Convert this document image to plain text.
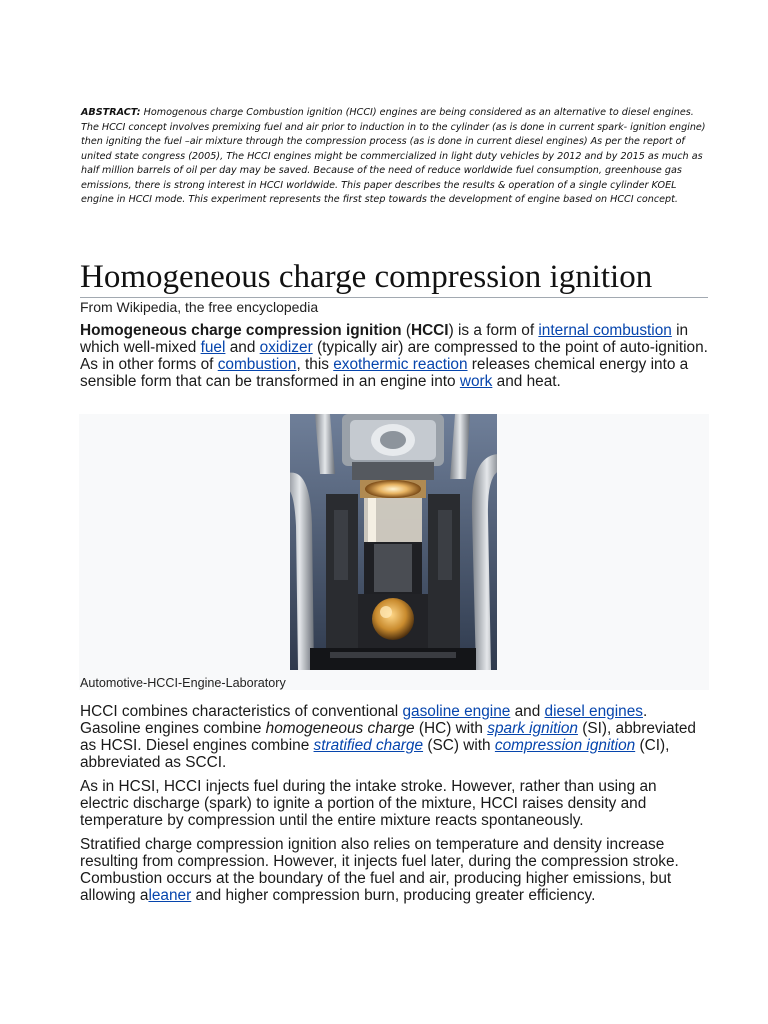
ABSTRACT: Homogenous charge Combustion ignition (HCCI) engines are being considered as an alternative to diesel engines. The HCCI concept involves premixing fuel and air prior to induction in to the cylinder (as is done in current spark- ignition engine) then igniting the fuel –air mixture through the compression process (as is done in current diesel engines) As per the report of united state congress (2005), The HCCI engines might be commercialized in light duty vehicles by 2012 and by 2015 as much as half million barrels of oil per day may be saved. Because of the need of reduce worldwide fuel consumption, greenhouse gas emissions, there is strong interest in HCCI worldwide. This paper describes the results & operation of a single cylinder KOEL engine in HCCI mode. This experiment represents the first step towards the development of engine based on HCCI concept.

Homogeneous charge compression ignition

From Wikipedia, the free encyclopedia

Homogeneous charge compression ignition (HCCI) is a form of internal combustion in which well-mixed fuel and oxidizer (typically air) are compressed to the point of auto-ignition. As in other forms of combustion, this exothermic reaction releases chemical energy into a sensible form that can be transformed in an engine into work and heat.

Automotive-HCCI-Engine-Laboratory

HCCI combines characteristics of conventional gasoline engine and diesel engines. Gasoline engines combine homogeneous charge (HC) with spark ignition (SI), abbreviated as HCSI. Diesel engines combine stratified charge (SC) with compression ignition (CI), abbreviated as SCCI.

As in HCSI, HCCI injects fuel during the intake stroke. However, rather than using an electric discharge (spark) to ignite a portion of the mixture, HCCI raises density and temperature by compression until the entire mixture reacts spontaneously.

Stratified charge compression ignition also relies on temperature and density increase resulting from compression. However, it injects fuel later, during the compression stroke. Combustion occurs at the boundary of the fuel and air, producing higher emissions, but allowing aleaner and higher compression burn, producing greater efficiency.
